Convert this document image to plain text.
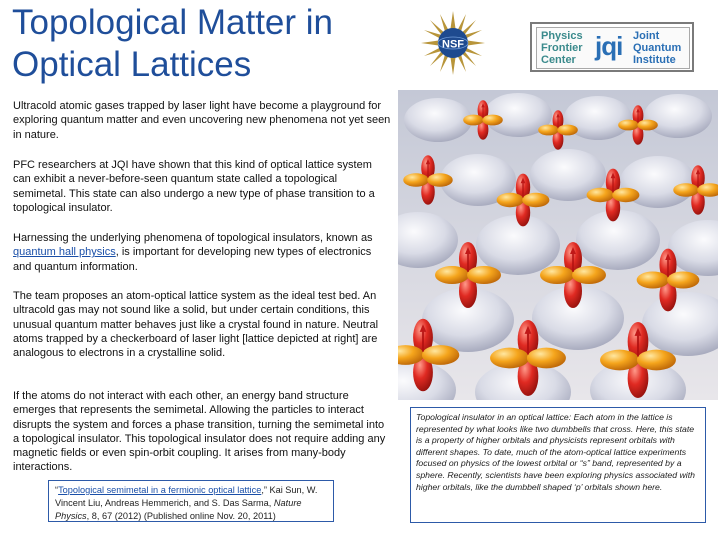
Topological Matter in Optical Lattices
NSF
Physics
Frontier
Center jqi Joint
Quantum
Institute
Ultracold atomic gases trapped by laser light have become a playground for exploring quantum matter and even uncovering new phenomena not yet seen in nature.
PFC researchers at JQI have shown that this kind of optical lattice system can exhibit a never-before-seen quantum state called a topological semimetal. This state can also undergo a new type of phase transition to a topological insulator.
Harnessing the underlying phenomena of topological insulators, known as quantum hall physics, is important for developing new types of electronics and quantum information.
The team proposes an atom-optical lattice system as the ideal test bed. An ultracold gas may not sound like a solid, but under certain conditions, this unusual quantum matter behaves just like a crystal found in nature. Neutral atoms trapped by a checkerboard of laser light [lattice depicted at right] are analogous to electrons in a crystalline solid.
If the atoms do not interact with each other, an energy band structure emerges that represents the semimetal. Allowing the particles to interact disrupts the system and forces a phase transition, turning the semimetal into a topological insulator. This topological insulator does not require adding any magnetic fields or even spin-orbit coupling. It arises from many-body interactions.
“Topological semimetal in a fermionic optical lattice,” Kai Sun, W. Vincent Liu, Andreas Hemmerich, and S. Das Sarma, Nature Physics, 8, 67 (2012) (Published online Nov. 20, 2011)
Topological insulator in an optical lattice: Each atom in the lattice is represented by what looks like two dumbbells that cross. Here, this state is a property of higher orbitals and physicists represent orbitals with different shapes. To date, much of the atom-optical lattice experiments focused on physics of the lowest orbital or “s” band, represented by a sphere. Recently, scientists have been exploring physics associated with higher orbitals, like the dumbbell shaped ‘p’ orbitals shown here.
